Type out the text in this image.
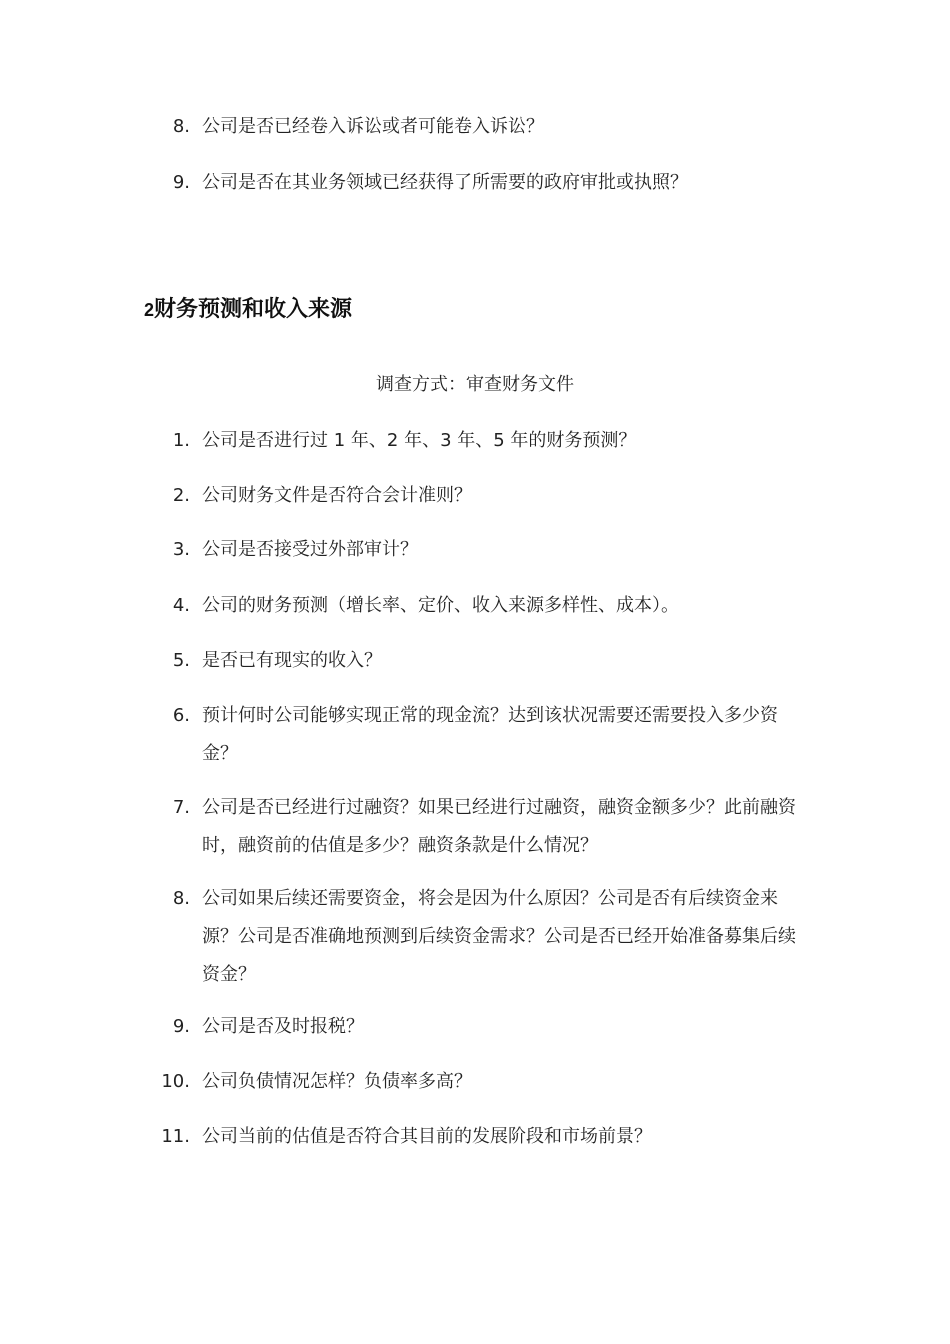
8. 公司是否已经卷入诉讼或者可能卷入诉讼？
9. 公司是否在其业务领域已经获得了所需要的政府审批或执照？
2财务预测和收入来源
调查方式：审查财务文件
1. 公司是否进行过 1 年、2 年、3 年、5 年的财务预测？
2. 公司财务文件是否符合会计准则？
3. 公司是否接受过外部审计？
4. 公司的财务预测（增长率、定价、收入来源多样性、成本）。
5. 是否已有现实的收入？
6. 预计何时公司能够实现正常的现金流？达到该状况需要还需要投入多少资金？
7. 公司是否已经进行过融资？如果已经进行过融资，融资金额多少？此前融资时，融资前的估值是多少？融资条款是什么情况？
8. 公司如果后续还需要资金，将会是因为什么原因？公司是否有后续资金来源？公司是否准确地预测到后续资金需求？公司是否已经开始准备募集后续资金？
9. 公司是否及时报税？
10. 公司负债情况怎样？负债率多高？
11. 公司当前的估值是否符合其目前的发展阶段和市场前景？
